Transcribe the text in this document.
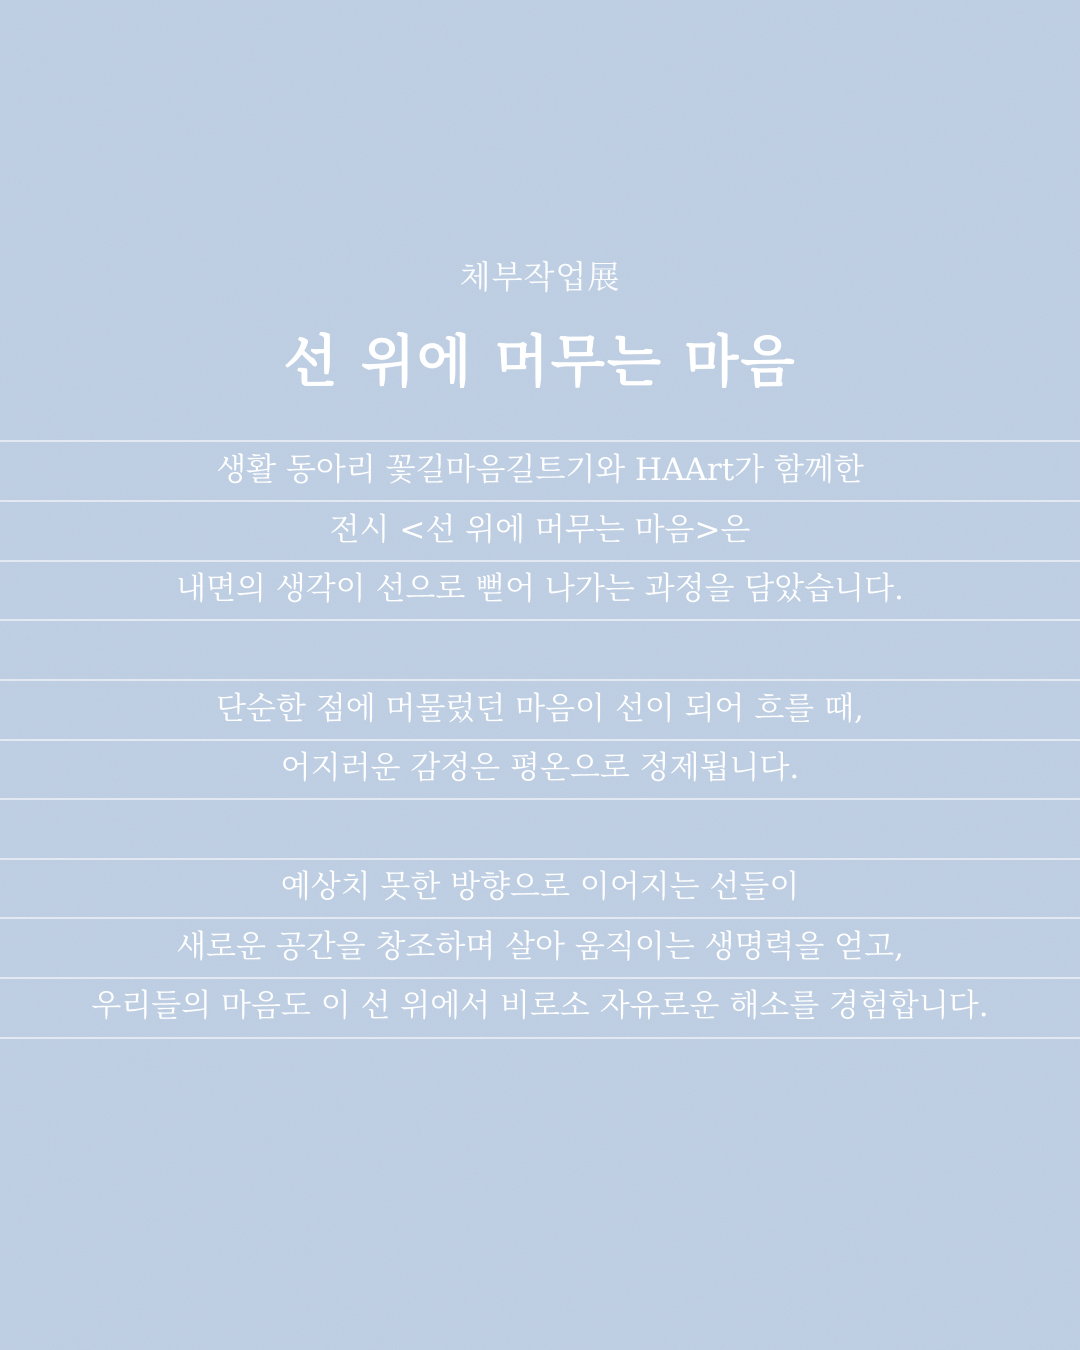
체부작업展
선 위에 머무는 마음
생활 동아리 꽃길마음길트기와 HAArt가 함께한
전시 <선 위에 머무는 마음>은
내면의 생각이 선으로 뻗어 나가는 과정을 담았습니다.
단순한 점에 머물렀던 마음이 선이 되어 흐를 때,
어지러운 감정은 평온으로 정제됩니다.
예상치 못한 방향으로 이어지는 선들이
새로운 공간을 창조하며 살아 움직이는 생명력을 얻고,
우리들의 마음도 이 선 위에서 비로소 자유로운 해소를 경험합니다.
